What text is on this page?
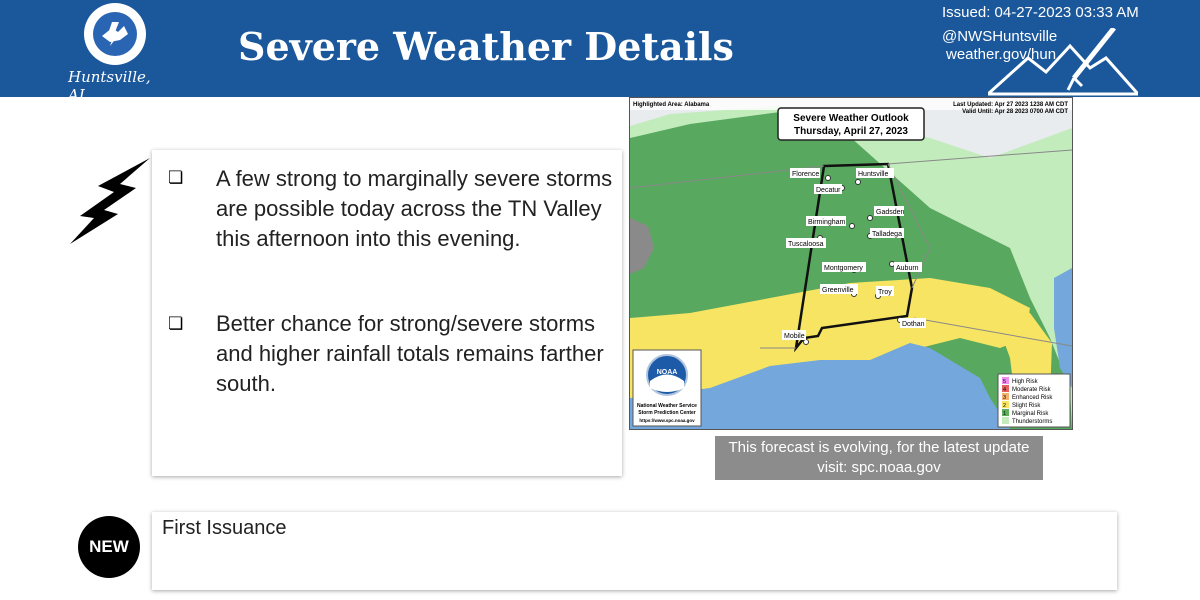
Huntsville, AL
Severe Weather Details
Issued: 04-27-2023 03:33 AM
@NWSHuntsville
weather.gov/hun
❏ A few strong to marginally severe storms are possible today across the TN Valley this afternoon into this evening.
❏ Better chance for strong/severe storms and higher rainfall totals remains farther south.
Florence	Huntsville
Decatur
Gadsden
Birmingham
Talladega
Tuscaloosa
Montgomery	Auburn
Greenville	Troy
Dothan
Mobile
Highlighted Area: Alabama	Last Updated: Apr 27 2023 1238 AM CDT
Valid Until: Apr 28 2023 0700 AM CDT
Severe Weather Outlook
Thursday, April 27, 2023
NOAA
National Weather Service
Storm Prediction Center
https://www.spc.noaa.gov
5 High Risk
4 Moderate Risk
3 Enhanced Risk
2 Slight Risk
1 Marginal Risk
Thunderstorms
This forecast is evolving, for the latest update visit: spc.noaa.gov
NEW
First Issuance
